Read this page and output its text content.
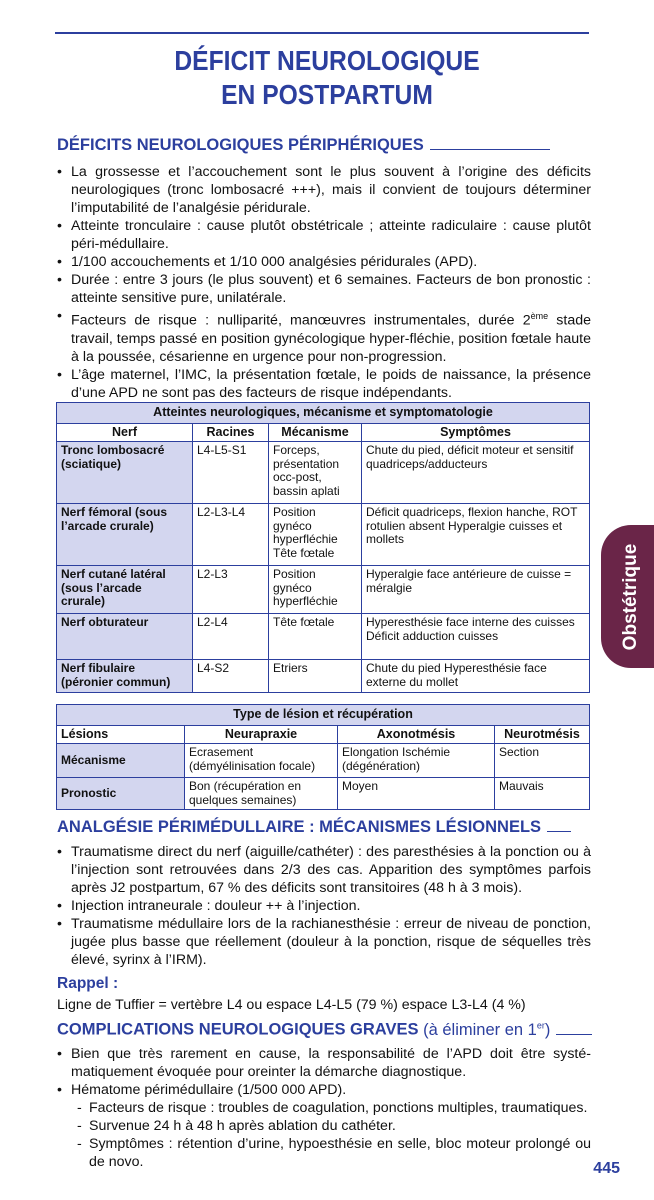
DÉFICIT NEUROLOGIQUE
EN POSTPARTUM
DÉFICITS NEUROLOGIQUES PÉRIPHÉRIQUES
• La grossesse et l’accouchement sont le plus souvent à l’origine des déficits neurologiques (tronc lombosacré +++), mais il convient de toujours déterminer l’imputabilité de l’analgésie péridurale.
• Atteinte tronculaire : cause plutôt obstétricale ; atteinte radiculaire : cause plutôt péri-médullaire.
• 1/100 accouchements et 1/10 000 analgésies péridurales (APD).
• Durée : entre 3 jours (le plus souvent) et 6 semaines. Facteurs de bon pronostic : atteinte sensitive pure, unilatérale.
• Facteurs de risque : nulliparité, manœuvres instrumentales, durée 2ème stade travail, temps passé en position gynécologique hyper-fléchie, position fœtale haute à la poussée, césarienne en urgence pour non-progression.
• L’âge maternel, l’IMC, la présentation fœtale, le poids de naissance, la présence d’une APD ne sont pas des facteurs de risque indépendants.
Atteintes neurologiques, mécanisme et symptomatologie			
Nerf	Racines	Mécanisme	Symptômes
Tronc lombosacré (sciatique)	L4-L5-S1	Forceps, présentation occ-post, bassin aplati	Chute du pied, déficit moteur et sensitif quadriceps/adducteurs
Nerf fémoral (sous l’arcade crurale)	L2-L3-L4	Position gynéco hyperfléchie Tête fœtale	Déficit quadriceps, flexion hanche, ROT rotulien absent Hyperalgie cuisses et mollets
Nerf cutané latéral (sous l’arcade crurale)	L2-L3	Position gynéco hyperfléchie	Hyperalgie face antérieure de cuisse = méralgie
Nerf obturateur	L2-L4	Tête fœtale	Hyperesthésie face interne des cuisses Déficit adduction cuisses
Nerf fibulaire (péronier commun)	L4-S2	Etriers	Chute du pied Hyperesthésie face externe du mollet
Type de lésion et récupération			
Lésions	Neurapraxie	Axonotmésis	Neurotmésis
Mécanisme	Ecrasement (démyélinisation focale)	Elongation Ischémie (dégénération)	Section
Pronostic	Bon (récupération en quelques semaines)	Moyen	Mauvais
ANALGÉSIE PÉRIMÉDULLAIRE : MÉCANISMES LÉSIONNELS
• Traumatisme direct du nerf (aiguille/cathéter) : des paresthésies à la ponction ou à l’injection sont retrouvées dans 2/3 des cas. Apparition des symptômes parfois après J2 postpartum, 67 % des déficits sont transitoires (48 h à 3 mois).
• Injection intraneurale : douleur ++ à l’injection.
• Traumatisme médullaire lors de la rachianesthésie : erreur de niveau de ponction, jugée plus basse que réellement (douleur à la ponction, risque de séquelles très élevé, syrinx à l’IRM).
Rappel :
Ligne de Tuffier = vertèbre L4 ou espace L4-L5 (79 %) espace L3-L4 (4 %)
COMPLICATIONS NEUROLOGIQUES GRAVES (à éliminer en 1er)
• Bien que très rarement en cause, la responsabilité de l’APD doit être systématiquement évoquée pour oreinter la démarche diagnostique.
• Hématome périmédullaire (1/500 000 APD).
- Facteurs de risque : troubles de coagulation, ponctions multiples, traumatiques.
- Survenue 24 h à 48 h après ablation du cathéter.
- Symptômes : rétention d’urine, hypoesthésie en selle, bloc moteur prolongé ou de novo.
Obstétrique
445
